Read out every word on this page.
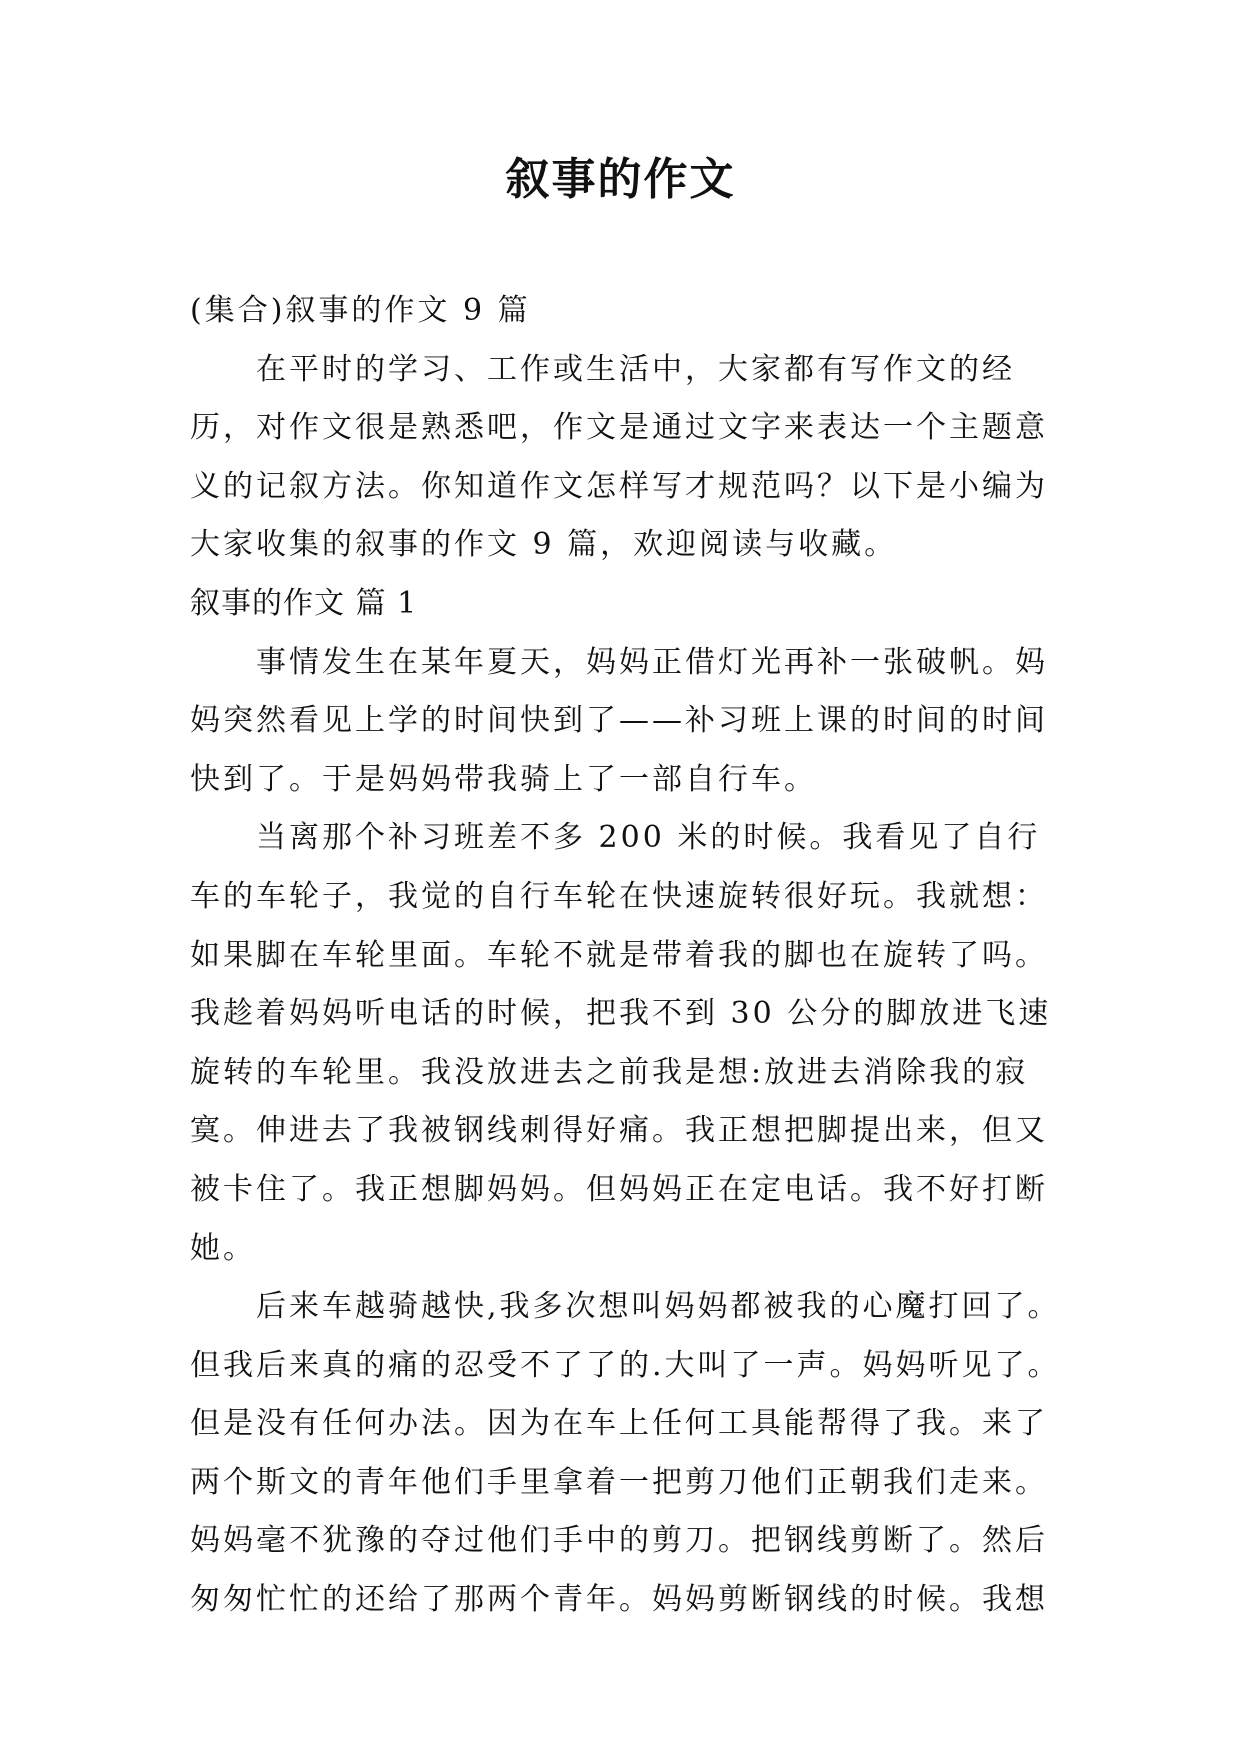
叙事的作文

(集合)叙事的作文 9 篇

在平时的学习、工作或生活中，大家都有写作文的经历，对作文很是熟悉吧，作文是通过文字来表达一个主题意义的记叙方法。你知道作文怎样写才规范吗？以下是小编为大家收集的叙事的作文 9 篇，欢迎阅读与收藏。

叙事的作文 篇 1

事情发生在某年夏天，妈妈正借灯光再补一张破帆。妈妈突然看见上学的时间快到了——补习班上课的时间的时间快到了。于是妈妈带我骑上了一部自行车。

当离那个补习班差不多 200 米的时候。我看见了自行车的车轮子，我觉的自行车轮在快速旋转很好玩。我就想：如果脚在车轮里面。车轮不就是带着我的脚也在旋转了吗。我趁着妈妈听电话的时候，把我不到 30 公分的脚放进飞速旋转的车轮里。我没放进去之前我是想:放进去消除我的寂寞。伸进去了我被钢线刺得好痛。我正想把脚提出来，但又被卡住了。我正想脚妈妈。但妈妈正在定电话。我不好打断她。

后来车越骑越快,我多次想叫妈妈都被我的心魔打回了。但我后来真的痛的忍受不了了的.大叫了一声。妈妈听见了。但是没有任何办法。因为在车上任何工具能帮得了我。来了两个斯文的青年他们手里拿着一把剪刀他们正朝我们走来。妈妈毫不犹豫的夺过他们手中的剪刀。把钢线剪断了。然后匆匆忙忙的还给了那两个青年。妈妈剪断钢线的时候。我想
